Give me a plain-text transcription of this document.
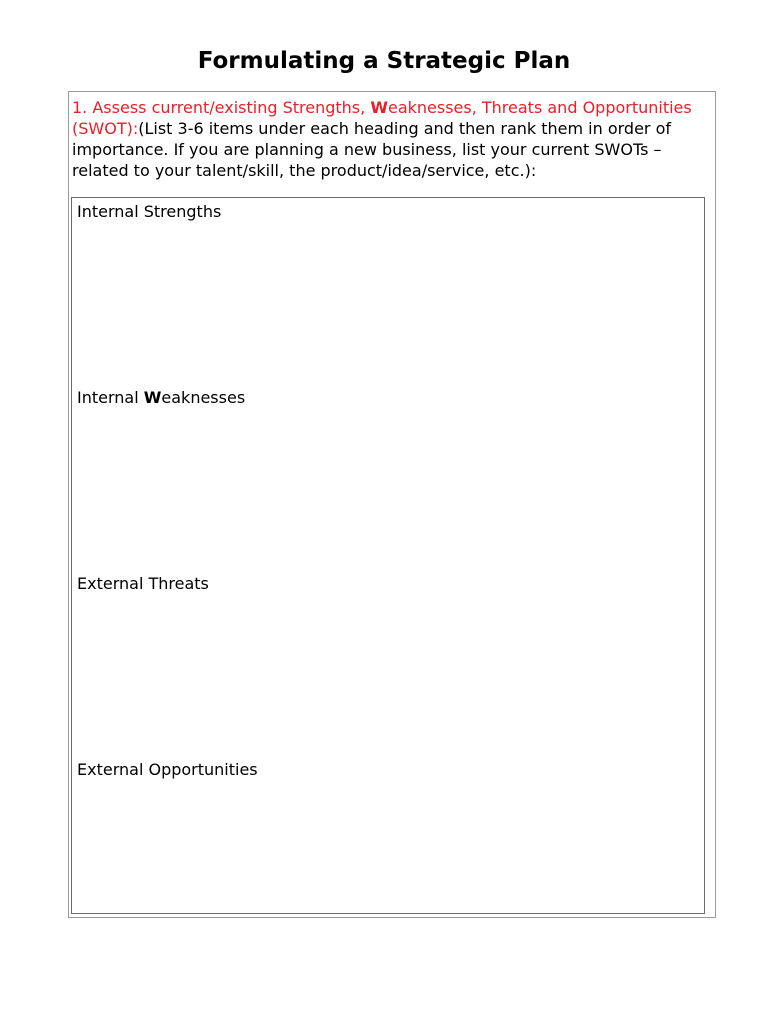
Formulating a Strategic Plan

1. Assess current/existing Strengths, Weaknesses, Threats and Opportunities (SWOT):(List 3-6 items under each heading and then rank them in order of importance. If you are planning a new business, list your current SWOTs – related to your talent/skill, the product/idea/service, etc.):

Internal Strengths

Internal Weaknesses

External Threats

External Opportunities
